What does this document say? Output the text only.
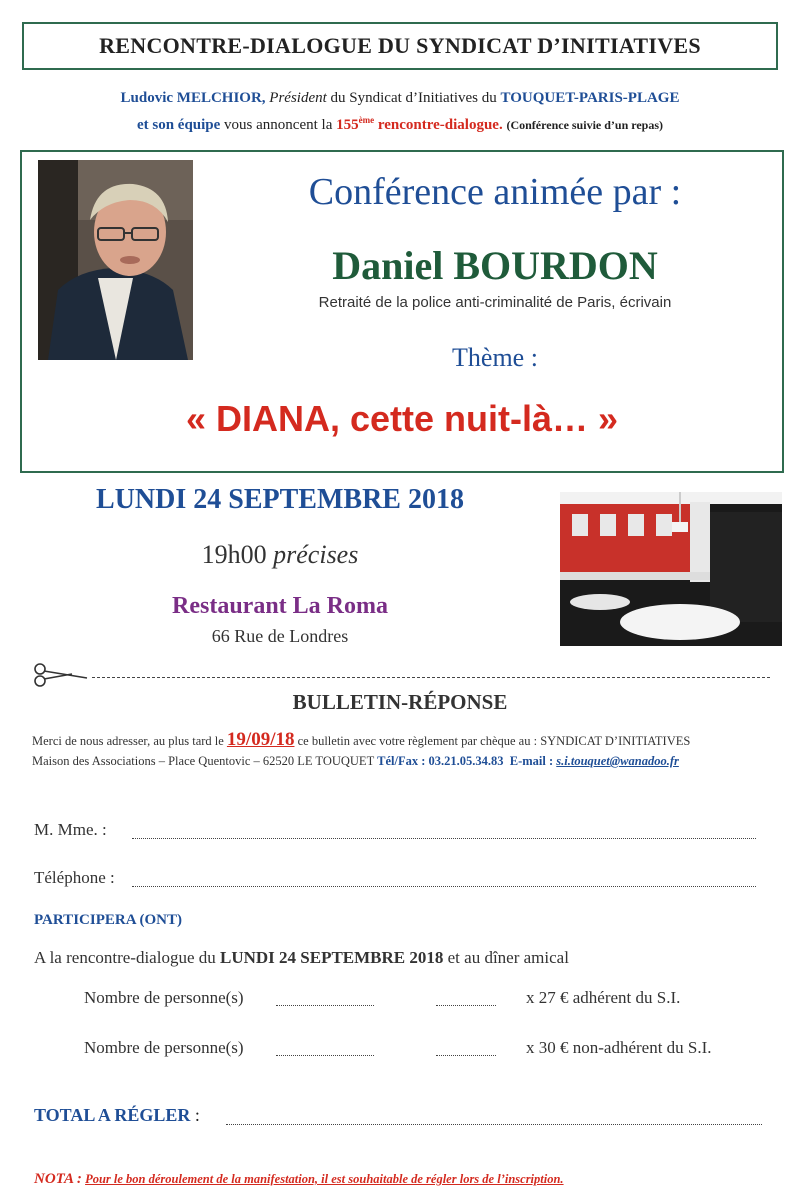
RENCONTRE-DIALOGUE DU SYNDICAT D’INITIATIVES
Ludovic MELCHIOR, Président du Syndicat d’Initiatives du TOUQUET-PARIS-PLAGE
et son équipe vous annoncent la 155ème rencontre-dialogue. (Conférence suivie d’un repas)
Conférence animée par :
Daniel BOURDON
Retraité de la police anti-criminalité de Paris, écrivain
Thème :
« DIANA, cette nuit-là… »
LUNDI 24 SEPTEMBRE 2018
19h00 précises
Restaurant La Roma
66 Rue de Londres
BULLETIN-RÉPONSE
Merci de nous adresser, au plus tard le 19/09/18 ce bulletin avec votre règlement par chèque au : SYNDICAT D’INITIATIVES
Maison des Associations – Place Quentovic – 62520 LE TOUQUET Tél/Fax : 03.21.05.34.83 E-mail : s.i.touquet@wanadoo.fr
M. Mme. :
Téléphone :
PARTICIPERA (ONT)
A la rencontre-dialogue du LUNDI 24 SEPTEMBRE 2018 et au dîner amical
Nombre de personne(s)	x 27 € adhérent du S.I.
Nombre de personne(s)	x 30 € non-adhérent du S.I.
TOTAL A RÉGLER :
NOTA : Pour le bon déroulement de la manifestation, il est souhaitable de régler lors de l’inscription.
